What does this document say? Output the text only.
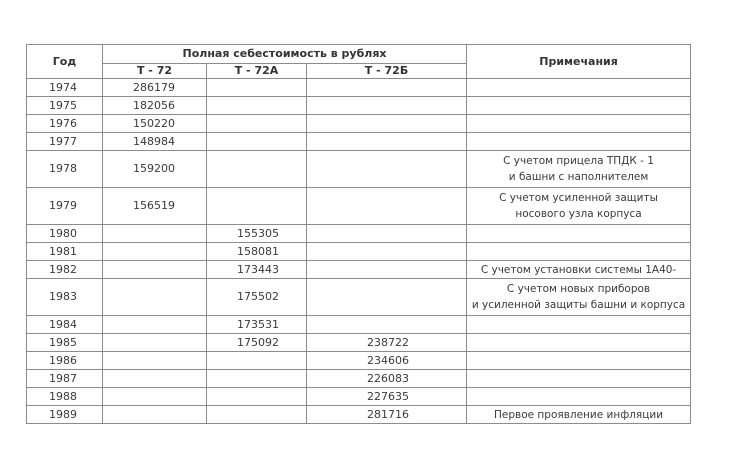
Год	Полная себестоимость в рублях			Примечания
	Т - 72	Т - 72А	Т - 72Б	
1974	286179			
1975	182056			
1976	150220			
1977	148984			
1978	159200			С учетом прицела ТПДК - 1
и башни с наполнителем

1979	156519			С учетом усиленной защиты
носового узла корпуса

1980		155305		
1981		158081		
1982		173443		С учетом установки системы 1А40-

1983		175502		С учетом новых приборов
и усиленной защиты башни и корпуса

1984		173531		
1985		175092	238722	
1986			234606	
1987			226083	
1988			227635	
1989			281716	Первое проявление инфляции
